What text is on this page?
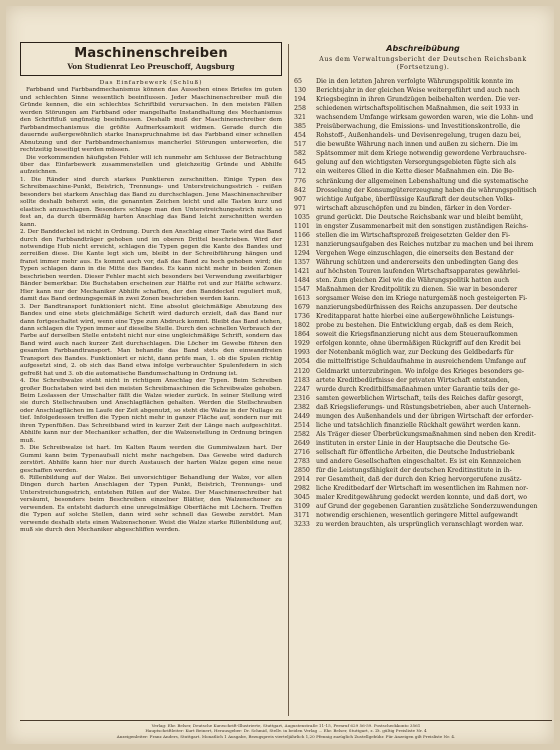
Maschinenschreiben
Von Studienrat Leo Preuschoff, Augsburg

Das Einfarbewerk (Schluß)

Farbband und Farbbandmechanismus können das Aussehen eines Briefes im guten und schlechten Sinne wesentlich beeinflussen. Jeder Maschinenschreiber muß die Gründe kennen, die ein schlechtes Schriftbild verursachen. In den meisten Fällen werden Störungen am Farbband oder mangelhafte Instandhaltung des Mechanismus den Schriftfluß ungünstig beeinflussen. Deshalb muß der Maschinenschreiber dem Farbbandmechanismus die größte Aufmerksamkeit widmen. Gerade durch die dauernde außergewöhnlich starke Inanspruchnahme ist das Farbband einer schnellen Abnutzung und der Farbbandmechanismus mancherlei Störungen unterworfen, die rechtzeitig beseitigt werden müssen.

Die vorkommenden häufigsten Fehler will ich nunmehr am Schlusse der Betrachtung über das Einfarbewerk zusammenstellen und gleichzeitig Gründe und Abhilfe aufzeichnen.

1. Die Ränder sind durch starkes Punktieren zerschnitten. Einige Typen des Schreibmaschine-Punkt, Beistrich, Trennungs- und Unterstreichungsstrich - reißen besonders bei starkem Anschlag das Band zu durchschlagen. Jene Maschinenschreiber sollte deshalb beherzt sein, die genannten Zeichen leicht und alle Tasten kurz und elastisch anzuschlagen. Besonders schlage man den Unterstreichungsstrich nicht so fest an, da durch übermäßig harten Anschlag das Band leicht zerschnitten werden kann.

2. Der Banddeckel ist nicht in Ordnung. Durch den Anschlag einer Taste wird das Band durch den Farbbandträger gehoben und im oberen Drittel beschrieben. Wird der notwendige Hub nicht erreicht, schlagen die Typen gegen die Kante des Bandes und zerreißen diese. Die Kante legt sich um, bleibt in der Schreibführung hängen und franst immer mehr aus. Es kommt auch vor, daß das Band zu hoch gehoben wird; die Typen schlagen dann in die Mitte des Bandes. Es kann nicht mehr in beiden Zonen beschrieben werden. Dieser Fehler macht sich besonders bei Verwendung zweifarbiger Bänder bemerkbar. Die Buchstaben erscheinen zur Hälfte rot und zur Hälfte schwarz. Hier kann nur der Mechaniker Abhilfe schaffen, der den Banddeckel reguliert muß, damit das Band ordnungsgemäß in zwei Zonen beschrieben werden kann.

3. Der Bandtransport funktioniert nicht. Eine absolut gleichmäßige Abnutzung des Bandes und eine stets gleichmäßige Schrift wird dadurch erzielt, daß das Band nur dann fortgeschaltet wird, wenn eine Type zum Abdruck kommt. Bleibt das Band stehen, dann schlagen die Typen immer auf dieselbe Stelle. Durch den schnellen Verbrauch der Farbe auf derselben Stelle entsteht nicht nur eine ungleichmäßige Schrift, sondern das Band wird auch nach kurzer Zeit durchschlagen. Die Löcher im Gewebe führen den gesamten Farbbandtransport. Man behandle das Band stets den einwandfreien Transport des Bandes. Funktioniert er nicht, dann prüfe man, 1. ob die Spulen richtig aufgesetzt sind, 2. ob sich das Band etwa infolge verbrauchter Spulenfedern in sich gefreßt hat und 3. ob die automatische Bandumschaltung in Ordnung ist.

4. Die Schreibwalze steht nicht in richtigem Anschlag der Typen. Beim Schreiben großer Buchstaben wird bei den meisten Schreibmaschinen die Schreibwalze gehoben. Beim Loslassen der Umschalter fällt die Walze wieder zurück. In seiner Stellung wird sie durch Stellschrauben und Anschlagflächen gehalten. Werden die Stellschrauben oder Anschlagflächen im Laufe der Zeit abgenutzt, so steht die Walze in der Nullage zu tief. Infolgedessen treffen die Typen nicht mehr in ganzer Fläche auf, sondern nur mit ihren Typenfüßen. Das Schreibband wird in kurzer Zeit der Länge nach aufgeschlitzt. Abhilfe kann nur der Mechaniker schaffen, der die Walzenstellung in Ordnung bringen muß.

5. Die Schreibwalze ist hart. Im Kalten Raum werden die Gummiwalzen hart. Der Gummi kann beim Typenaufsall nicht mehr nachgeben. Das Gewebe wird dadurch zerstört. Abhilfe kann hier nur durch Austausch der harten Walze gegen eine neue geschaffen werden.

6. Rillenbildung auf der Walze. Bei unvorsichtiger Behandlung der Walze, vor allen Dingen durch harten Anschlagen der Typen Punkt, Beistrich, Trennungs- und Unterstreichungsstrich, entstehen Rillen auf der Walze. Der Maschinenschreiber hat versäumt, besonders beim Beschreiben einzelner Blätter, den Walzenschoner zu verwenden. Es entsteht dadurch eine unregelmäßige Oberfläche mit Löchern. Treffen die Typen auf solche Stellen, dann wird sehr schnell das Gewebe zerstört. Man verwende deshalb stets einen Walzenschoner. Weist die Walze starke Rillenbildung auf, muß sie durch den Mechaniker abgeschliffen werden.

Abschreibübung
Aus dem Verwaltungsbericht der Deutschen Reichsbank (Fortsetzung).
65	Die in den letzten Jahren verfolgte Währungspolitik konnte im
130	Berichtsjahr in der gleichen Weise weitergeführt und auch nach
194	Kriegsbeginn in ihren Grundzügen beibehalten werden. Die ver-
258	schiedenen wirtschaftspolitischen Maßnahmen, die seit 1933 in
321	wachsendem Umfange wirksam geworden waren, wie die Lohn- und
385	Preisüberwachung, die Emissions- und Investitionskontrolle, die
454	Rohstoff-, Außenhandels- und Devisenregelung, trugen dazu bei,
517	die bewußte Währung nach innen und außen zu sichern. Die im
582	Spätsommer mit dem Kriege notwendig gewordene Verbrauchsre-
645	gelung auf den wichtigsten Versorgungsgebieten fügte sich als
712	ein weiteres Glied in die Kette dieser Maßnahmen ein. Die Be-
776	schränkung der allgemeinen Lebenshaltung und die systematische
842	Drosselung der Konsumgütererzeugung haben die währungspolitisch
907	wichtige Aufgabe, überflüssige Kaufkraft der deutschen Volks-
971	wirtschaft abzuschöpfen und zu binden, färker in den Vorder-
1035 grund gerückt. Die Deutsche Reichsbank war und bleibt bemüht,
1101 in engster Zusammenarbeit mit den sonstigen zuständigen Reichs-
1166 stellen die im Wirtschaftsprozeß freigesetzten Gelder den Fi-
1231 nanzierungsaufgaben des Reiches nutzbar zu machen und bei ihrem
1294 Vergehen Wege einzuschlagen, die einerseits den Bestand der
1357 Währung schützen und andererseits den unbedingten Gang des
1421 auf höchsten Touren laufenden Wirtschaftsapparates gewährlei-
1484 sten. Zum gleichen Ziel wie die Währungspolitik hatten auch
1547 Maßnahmen der Kreditpolitik zu dienen. Sie war in besonderer
1613 sorgsamer Weise den im Kriege naturgemäß noch gesteigerten Fi-
1679 nanzierungsbedürfnissen des Reichs anzupassen. Der deutsche
1736 Kreditapparat hatte hierbei eine außergewöhnliche Leistungs-
1802 probe zu bestehen. Die Entwicklung ergab, daß es dem Reich,
1864 soweit die Kriegsfinanzierung nicht aus dem Steueraufkommen
1929 erfolgen konnte, ohne übermäßigen Rückgriff auf den Kredit bei
1993 der Notenbank möglich war, zur Deckung des Geldbedarfs für
2054 die mittelfristige Schuldaufnahme in ausreichendem Umfange auf
2120 Geldmarkt unterzubringen. Wo infolge des Krieges besonders ge-
2183 artete Kreditbedürfnisse der privaten Wirtschaft entstanden,
2247 wurde durch Kreditbilfsmaßnahmen unter Garantie teils der ge-
2316 samten gewerblichen Wirtschaft, teils des Reiches dafür gesorgt,
2382 daß Kriegslieferungs- und Rüstungsbetrieben, aber auch Unterneh-
2449 mungen des Außenhandels und der übrigen Wirtschaft der erforder-
2514 liche und tatsächlich finanzielle Rückhalt gewährt werden kann.
2582 Als Träger dieser Überbrückungsmaßnahmen sind neben den Kredit-
2649 instituten in erster Linie in der Hauptsache die Deutsche Ge-
2716 sellschaft für öffentliche Arbeiten, die Deutsche Industriebank
2783 und andere Gesellschaften eingeschaltet. Es ist ein Kennzeichen
2850 für die Leistungsfähigkeit der deutschen Kreditinstitute in ih-
2914 rer Gesamtheit, daß der durch den Krieg hervorgerufene zusätz-
2982 liche Kreditbedarf der Wirtschaft im wesentlichen im Rahmen nor-
3045 maler Kreditgewährung gedeckt werden konnte, und daß dort, wo
3109 auf Grund der gegebenen Garantien zusätzliche Sonderzuwendungen
3171 notwendig erschienen, wesentlich geringere Mittel aufgewandt
3233 zu werden brauchten, als ursprünglich veranschlagt worden war.
Verlag: Ehr. Belser, Deutsche Kurzschrift-Illustrierte, Stuttgart, Augustenstraße 11-15, Fernruf 629 56-59. Postscheckkonto 3561
Hauptschriftleiter: Kurt Beinert, Herausgeber: Dr. Schmid, Stellv. in beiden Verlag ... Ehr. Belser, Stuttgart, z. Zt. gültig Preisliste Nr. 4
Anzeigenleiter: Franz Anders, Stuttgart. Monatlich 1 Ausgabe, Bezugspreis vierteljährlich 1,20 Pfennig zuzüglich Zustellgebühr. Für Anzeigen gilt Preisliste Nr. 4.
